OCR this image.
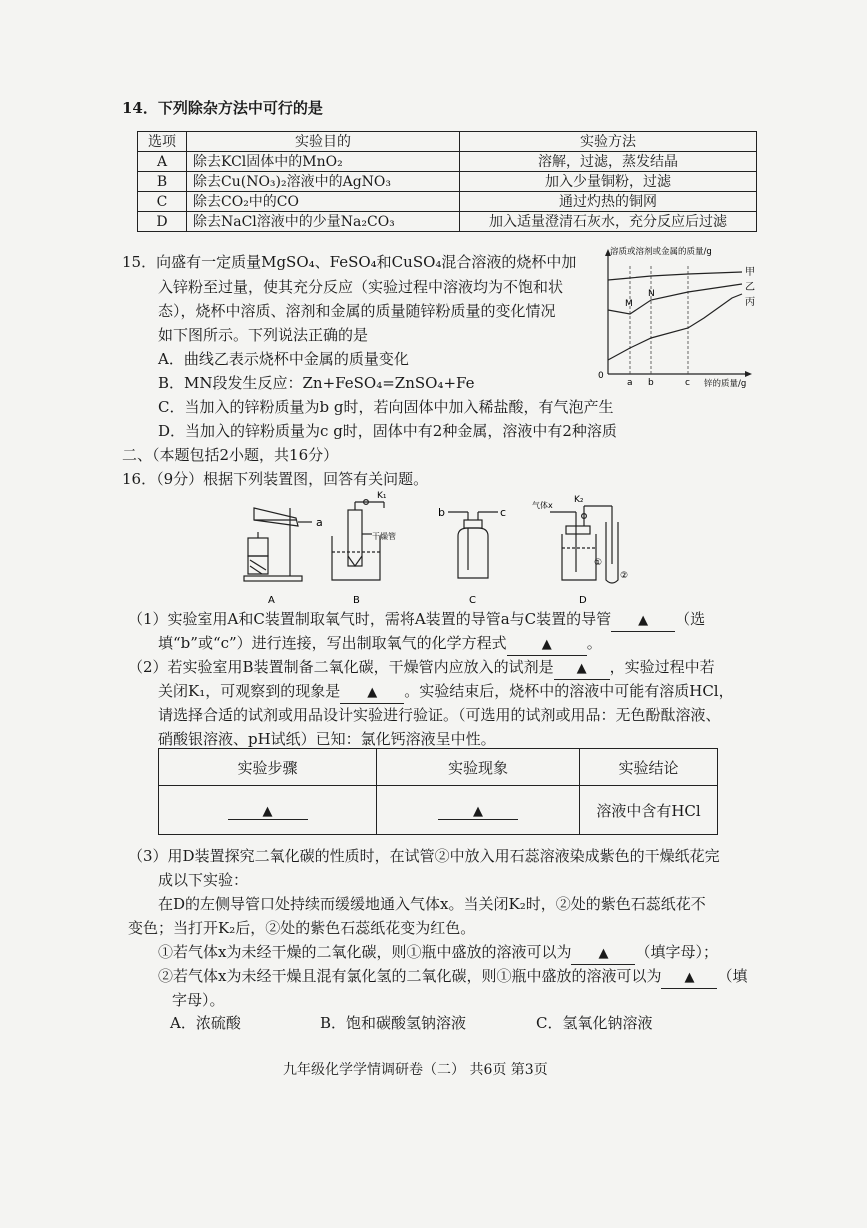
14．下列除杂方法中可行的是
选项	实验目的	实验方法
A	除去KCl固体中的MnO₂	溶解，过滤，蒸发结晶
B	除去Cu(NO₃)₂溶液中的AgNO₃	加入少量铜粉，过滤
C	除去CO₂中的CO	通过灼热的铜网
D	除去NaCl溶液中的少量Na₂CO₃	加入适量澄清石灰水，充分反应后过滤
15．向盛有一定质量MgSO₄、FeSO₄和CuSO₄混合溶液的烧杯中加
入锌粉至过量，使其充分反应（实验过程中溶液均为不饱和状
态），烧杯中溶质、溶剂和金属的质量随锌粉质量的变化情况
如下图所示。下列说法正确的是
A．曲线乙表示烧杯中金属的质量变化
B．MN段发生反应：Zn+FeSO₄=ZnSO₄+Fe
C．当加入的锌粉质量为b g时，若向固体中加入稀盐酸，有气泡产生
D．当加入的锌粉质量为c g时，固体中有2种金属，溶液中有2种溶质
溶质或溶剂或金属的质量/g
0
a b	c 锌的质量/g
M
N
甲
乙
丙
二、（本题包括2小题，共16分）
16．（9分）根据下列装置图，回答有关问题。
a
A
K₁
干燥管
B
b	c
C
气体x
K₂
①
②
D
（1）实验室用A和C装置制取氧气时，需将A装置的导管a与C装置的导管 ▲ （选
填“b”或“c”）进行连接，写出制取氧气的化学方程式	▲ 。
（2）若实验室用B装置制备二氧化碳，干燥管内应放入的试剂是 ▲ ，实验过程中若
关闭K₁，可观察到的现象是 ▲ 。实验结束后，烧杯中的溶液中可能有溶质HCl，
请选择合适的试剂或用品设计实验进行验证。（可选用的试剂或用品：无色酚酞溶液、
硝酸银溶液、pH试纸）已知：氯化钙溶液呈中性。
实验步骤	实验现象	实验结论
▲	▲	溶液中含有HCl
（3）用D装置探究二氧化碳的性质时，在试管②中放入用石蕊溶液染成紫色的干燥纸花完
成以下实验：
在D的左侧导管口处持续而缓缓地通入气体x。当关闭K₂时，②处的紫色石蕊纸花不
变色；当打开K₂后，②处的紫色石蕊纸花变为红色。
①若气体x为未经干燥的二氧化碳，则①瓶中盛放的溶液可以为 ▲ （填字母）；
②若气体x为未经干燥且混有氯化氢的二氧化碳，则①瓶中盛放的溶液可以为 ▲ （填
字母）。
A．浓硫酸	B．饱和碳酸氢钠溶液	C．氢氧化钠溶液
九年级化学学情调研卷（二） 共6页 第3页
